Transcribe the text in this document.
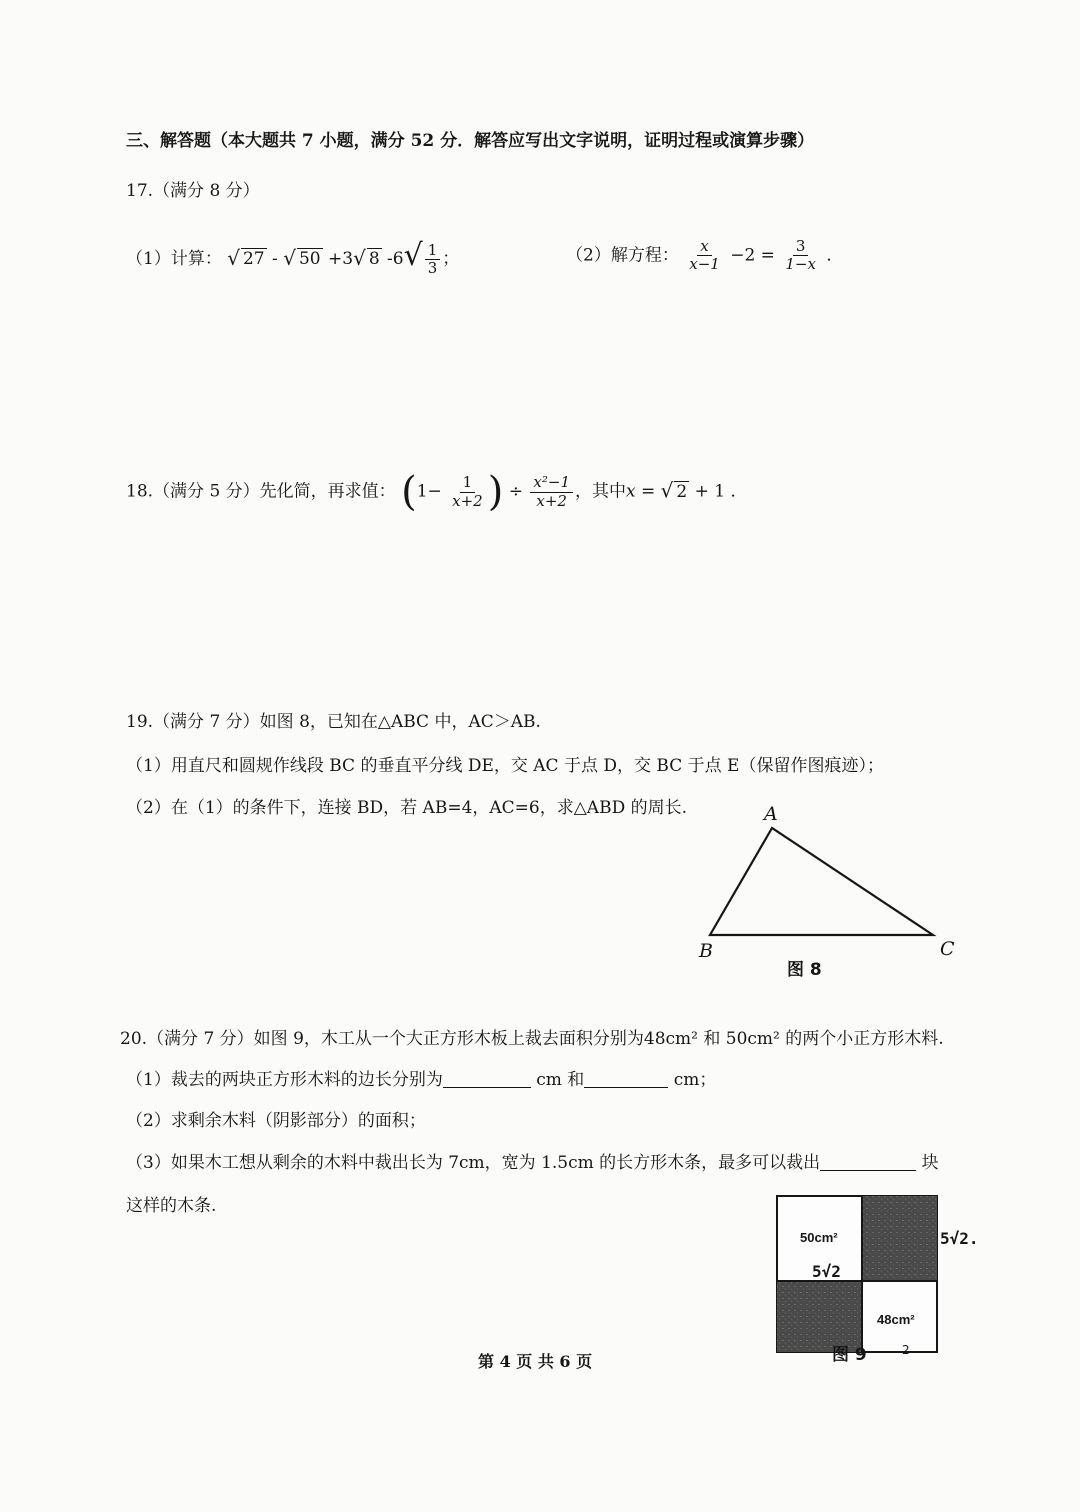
三、解答题（本大题共 7 小题，满分 52 分．解答应写出文字说明，证明过程或演算步骤）
17.（满分 8 分）
（1）计算： √ 27 - √ 50 +3√ 8 $-6√ \frac{1}{3}$ ；	（2）解方程： $\frac{x}{x-1} -2 = \frac{3}{1-x}$ ．
18.（满分 5 分）先化简，再求值： ($1- \frac{1}{x+2}$ ) ÷ $\frac{\text{x²−1}}{x+2}$ ，其中x = √ 2 + 1 ．
19.（满分 7 分）如图 8，已知在△ABC 中，AC＞AB.
（1）用直尺和圆规作线段 BC 的垂直平分线 DE，交 AC 于点 D，交 BC 于点 E（保留作图痕迹）；
（2）在（1）的条件下，连接 BD，若 AB=4，AC=6，求△ABD 的周长.	A
B	C
图 8
20.（满分 7 分）如图 9，木工从一个大正方形木板上裁去面积分别为48cm² 和 50cm² 的两个小正方形木料.
（1）裁去的两块正方形木料的边长分别为	cm 和	cm；
（2）求剩余木料（阴影部分）的面积；
（3）如果木工想从剩余的木料中裁出长为 7cm，宽为 1.5cm 的长方形木条，最多可以裁出	块
这样的木条.
50cm²
48cm²
5√2.
5√2
图 9	2
第 4 页 共 6 页
